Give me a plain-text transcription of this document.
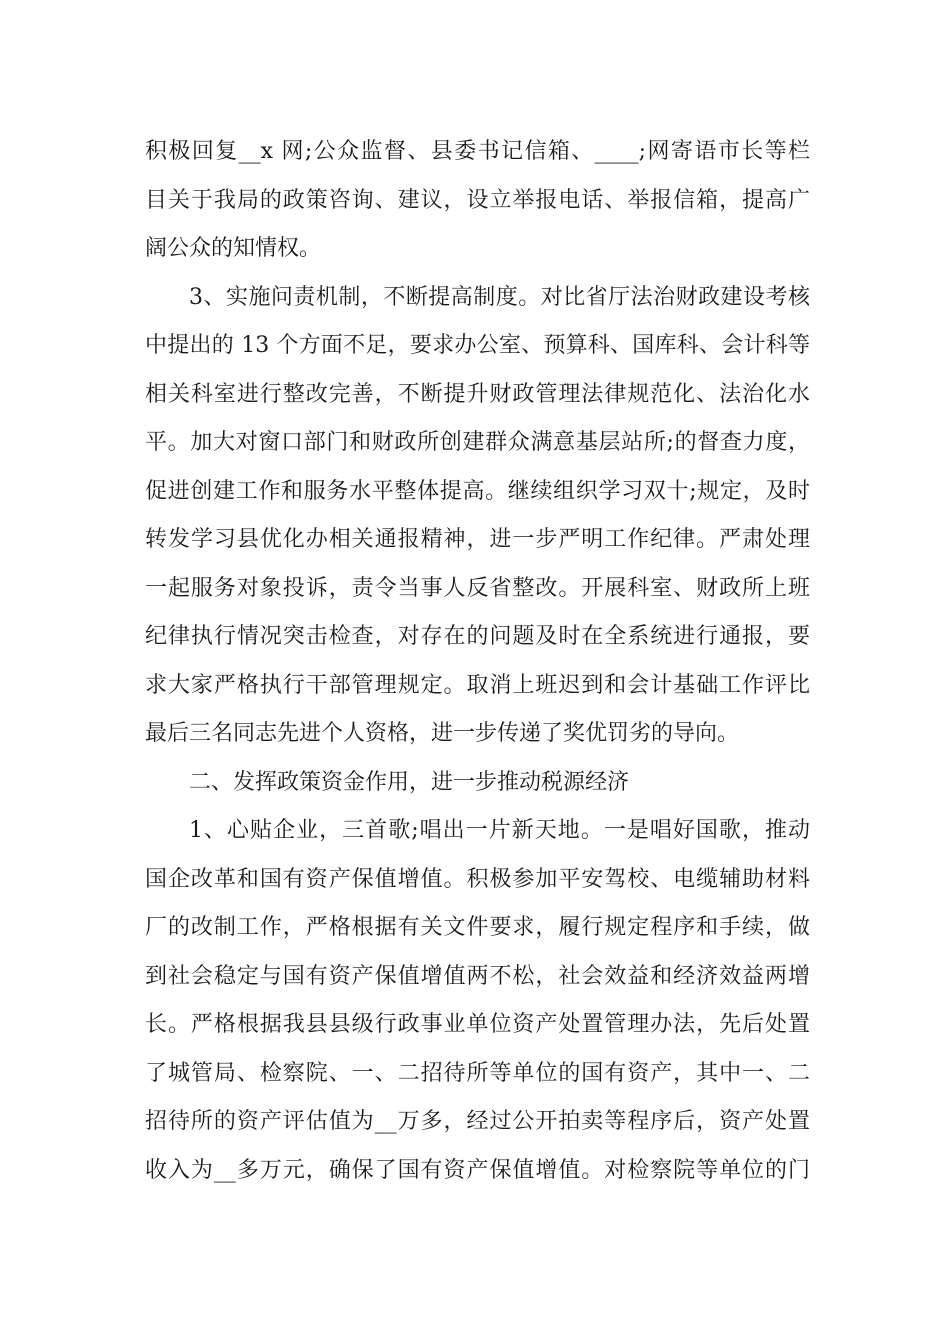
积极回复__x 网;公众监督、县委书记信箱、____;网寄语市长等栏
目关于我局的政策咨询、建议，设立举报电话、举报信箱，提高广
阔公众的知情权。
3、实施问责机制，不断提高制度。对比省厅法治财政建设考核
中提出的 13 个方面不足，要求办公室、预算科、国库科、会计科等
相关科室进行整改完善，不断提升财政管理法律规范化、法治化水
平。加大对窗口部门和财政所创建群众满意基层站所;的督查力度，
促进创建工作和服务水平整体提高。继续组织学习双十;规定，及时
转发学习县优化办相关通报精神，进一步严明工作纪律。严肃处理
一起服务对象投诉，责令当事人反省整改。开展科室、财政所上班
纪律执行情况突击检查，对存在的问题及时在全系统进行通报，要
求大家严格执行干部管理规定。取消上班迟到和会计基础工作评比
最后三名同志先进个人资格，进一步传递了奖优罚劣的导向。
二、发挥政策资金作用，进一步推动税源经济
1、心贴企业，三首歌;唱出一片新天地。一是唱好国歌，推动
国企改革和国有资产保值增值。积极参加平安驾校、电缆辅助材料
厂的改制工作，严格根据有关文件要求，履行规定程序和手续，做
到社会稳定与国有资产保值增值两不松，社会效益和经济效益两增
长。严格根据我县县级行政事业单位资产处置管理办法，先后处置
了城管局、检察院、一、二招待所等单位的国有资产，其中一、二
招待所的资产评估值为__万多，经过公开拍卖等程序后，资产处置
收入为__多万元，确保了国有资产保值增值。对检察院等单位的门
